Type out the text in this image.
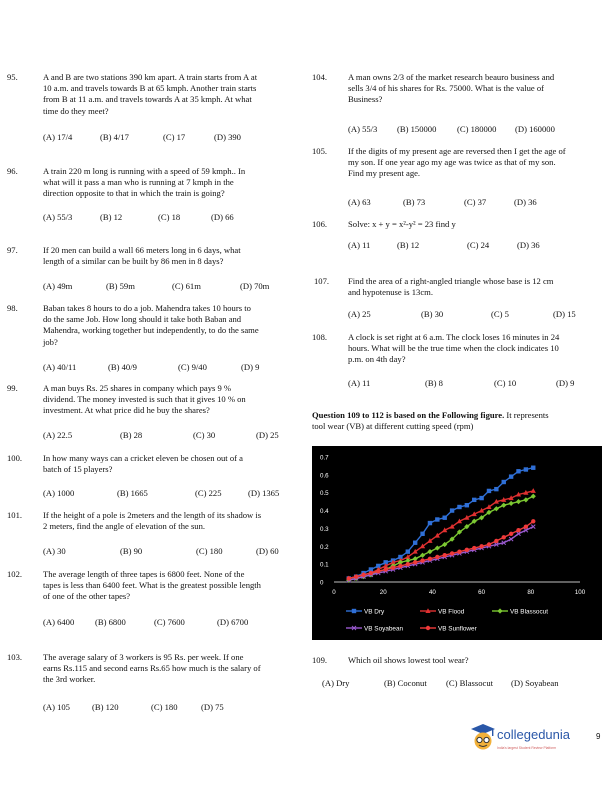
95.	A and B are two stations 390 km apart. A train starts from A at
10 a.m. and travels towards B at 65 kmph. Another train starts
from B at 11 a.m. and travels towards A at 35 kmph. At what
time do they meet?
(A) 17/4	(B) 4/17	(C) 17	(D) 390
96.	A train 220 m long is running with a speed of 59 kmph.. In
what will it pass a man who is running at 7 kmph in the
direction opposite to that in which the train is going?
(A) 55/3	(B) 12	(C) 18	(D) 66
97.	If 20 men can build a wall 66 meters long in 6 days, what
length of a similar can be built by 86 men in 8 days?
(A) 49m	(B) 59m	(C) 61m	(D) 70m
98.	Baban takes 8 hours to do a job. Mahendra takes 10 hours to
do the same Job. How long should it take both Baban and
Mahendra, working together but independently, to do the same
job?
(A) 40/11	(B) 40/9	(C) 9/40	(D) 9
99.	A man buys Rs. 25 shares in company which pays 9 %
dividend. The money invested is such that it gives 10 % on
investment. At what price did he buy the shares?
(A) 22.5	(B) 28	(C) 30	(D) 25
100. In how many ways can a cricket eleven be chosen out of a
batch of 15 players?
(A) 1000	(B) 1665	(C) 225	(D) 1365
101. If the height of a pole is 2meters and the length of its shadow is
2 meters, find the angle of elevation of the sun.
(A) 30	(B) 90	(C) 180	(D) 60
102. The average length of three tapes is 6800 feet. None of the
tapes is less than 6400 feet. What is the greatest possible length
of one of the other tapes?
(A) 6400 (B) 6800	(C) 7600	(D) 6700
103. The average salary of 3 workers is 95 Rs. per week. If one
earns Rs.115 and second earns Rs.65 how much is the salary of
the 3rd worker.
(A) 105	(B) 120	(C) 180	(D) 75
104. A man owns 2/3 of the market research beauro business and
sells 3/4 of his shares for Rs. 75000. What is the value of
Business?
(A) 55/3 (B) 150000 (C) 180000 (D) 160000
105. If the digits of my present age are reversed then I get the age of
my son. If one year ago my age was twice as that of my son.
Find my present age.
(A) 63	(B) 73	(C) 37	(D) 36
106. Solve: x + y = x²-y² = 23 find y
(A) 11	(B) 12	(C) 24	(D) 36
107. Find the area of a right-angled triangle whose base is 12 cm
and hypotenuse is 13cm.
(A) 25	(B) 30	(C) 5	(D) 15
108. A clock is set right at 6 a.m. The clock loses 16 minutes in 24
hours. What will be the true time when the clock indicates 10
p.m. on 4th day?
(A) 11	(B) 8	(C) 10	(D) 9
Question 109 to 112 is based on the Following figure. It represents
tool wear (VB) at different cutting speed (rpm)
0
0.1
0.2
0.3
0.4
0.5
0.6
0.7
0	20	40	60	80	100
VB Dry	VB Flood	VB Blassocut
VB Soyabean	VB Sunflower
109. Which oil shows lowest tool wear?
(A) Dry	(B) Coconut (C) Blassocut (D) Soyabean
collegedunia
India's largest Student Review Platform
9
